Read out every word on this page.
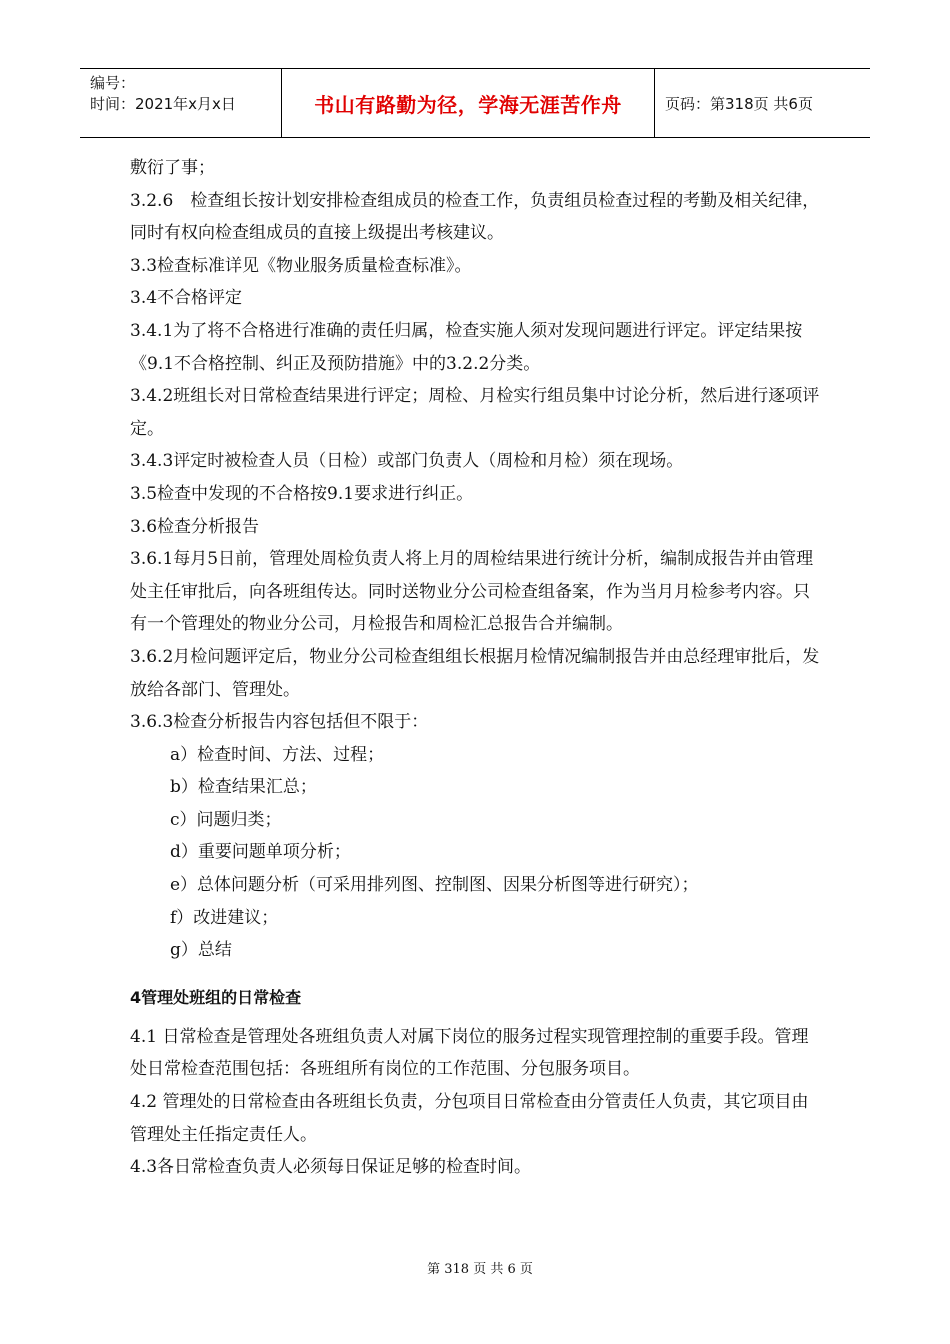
编号：
时间：2021年x月x日	书山有路勤为径，学海无涯苦作舟	页码：第318页 共6页

敷衍了事；

3.2.6　检查组长按计划安排检查组成员的检查工作，负责组员检查过程的考勤及相关纪律，同时有权向检查组成员的直接上级提出考核建议。

3.3检查标准详见《物业服务质量检查标准》。

3.4不合格评定

3.4.1为了将不合格进行准确的责任归属，检查实施人须对发现问题进行评定。评定结果按《9.1不合格控制、纠正及预防措施》中的3.2.2分类。

3.4.2班组长对日常检查结果进行评定；周检、月检实行组员集中讨论分析，然后进行逐项评定。

3.4.3评定时被检查人员（日检）或部门负责人（周检和月检）须在现场。

3.5检查中发现的不合格按9.1要求进行纠正。

3.6检查分析报告

3.6.1每月5日前，管理处周检负责人将上月的周检结果进行统计分析，编制成报告并由管理处主任审批后，向各班组传达。同时送物业分公司检查组备案，作为当月月检参考内容。只有一个管理处的物业分公司，月检报告和周检汇总报告合并编制。

3.6.2月检问题评定后，物业分公司检查组组长根据月检情况编制报告并由总经理审批后，发放给各部门、管理处。

3.6.3检查分析报告内容包括但不限于：

a）检查时间、方法、过程；

b）检查结果汇总；

c）问题归类；

d）重要问题单项分析；

e）总体问题分析（可采用排列图、控制图、因果分析图等进行研究）；

f）改进建议；

g）总结

4管理处班组的日常检查

4.1 日常检查是管理处各班组负责人对属下岗位的服务过程实现管理控制的重要手段。管理处日常检查范围包括：各班组所有岗位的工作范围、分包服务项目。

4.2 管理处的日常检查由各班组长负责，分包项目日常检查由分管责任人负责，其它项目由管理处主任指定责任人。

4.3各日常检查负责人必须每日保证足够的检查时间。

第 318 页 共 6 页
